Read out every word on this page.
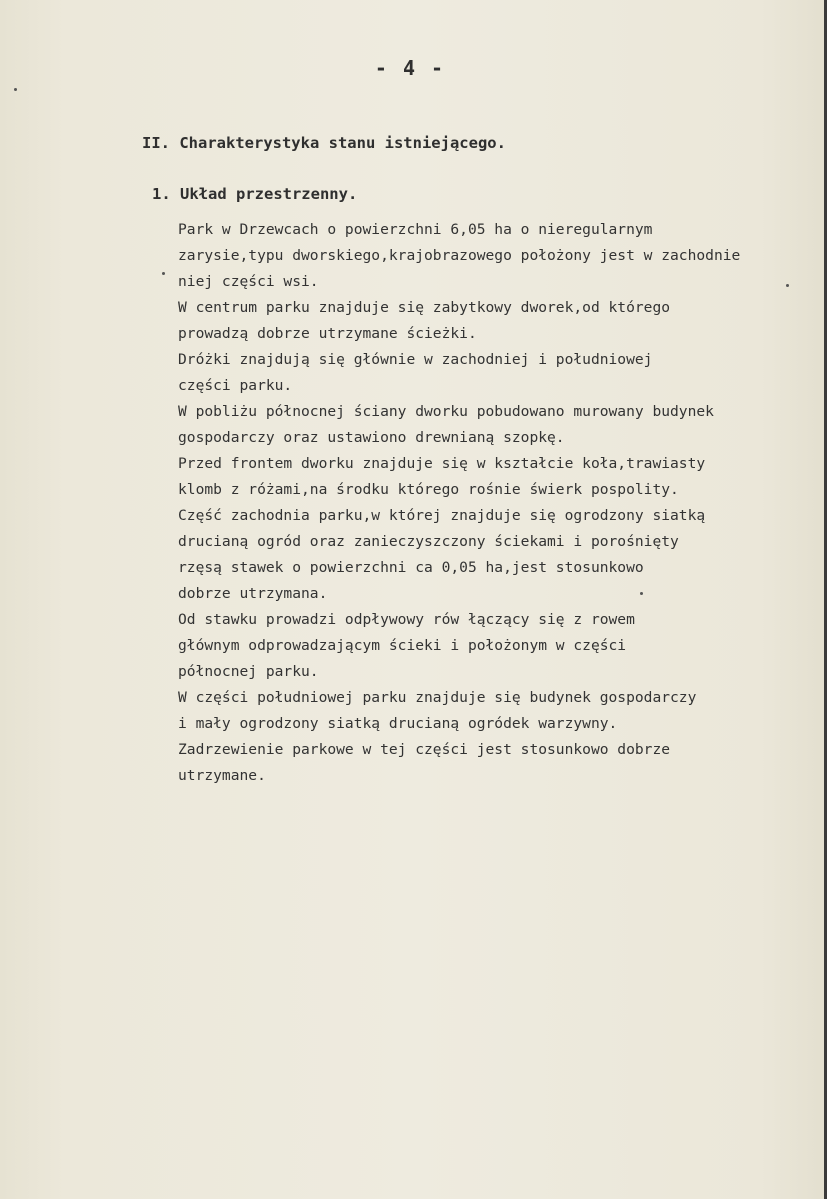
- 4 -
II. Charakterystyka stanu istniejącego.
1. Układ przestrzenny.
Park w Drzewcach o powierzchni 6,05 ha o nieregularnym
zarysie,typu dworskiego,krajobrazowego położony jest w zachodnie
niej części wsi.
W centrum parku znajduje się zabytkowy dworek,od którego
prowadzą dobrze utrzymane ścieżki.
Dróżki znajdują się głównie w zachodniej i południowej
części parku.
W pobliżu północnej ściany dworku pobudowano murowany budynek
gospodarczy oraz ustawiono drewnianą szopkę.
Przed frontem dworku znajduje się w kształcie koła,trawiasty
klomb z różami,na środku którego rośnie świerk pospolity.
Część zachodnia parku,w której znajduje się ogrodzony siatką
drucianą ogród oraz zanieczyszczony ściekami i porośnięty
rzęsą stawek o powierzchni ca 0,05 ha,jest stosunkowo
dobrze utrzymana.
Od stawku prowadzi odpływowy rów łączący się z rowem
głównym odprowadzającym ścieki i położonym w części
północnej parku.
W części południowej parku znajduje się budynek gospodarczy
i mały ogrodzony siatką drucianą ogródek warzywny.
Zadrzewienie parkowe w tej części jest stosunkowo dobrze
utrzymane.
